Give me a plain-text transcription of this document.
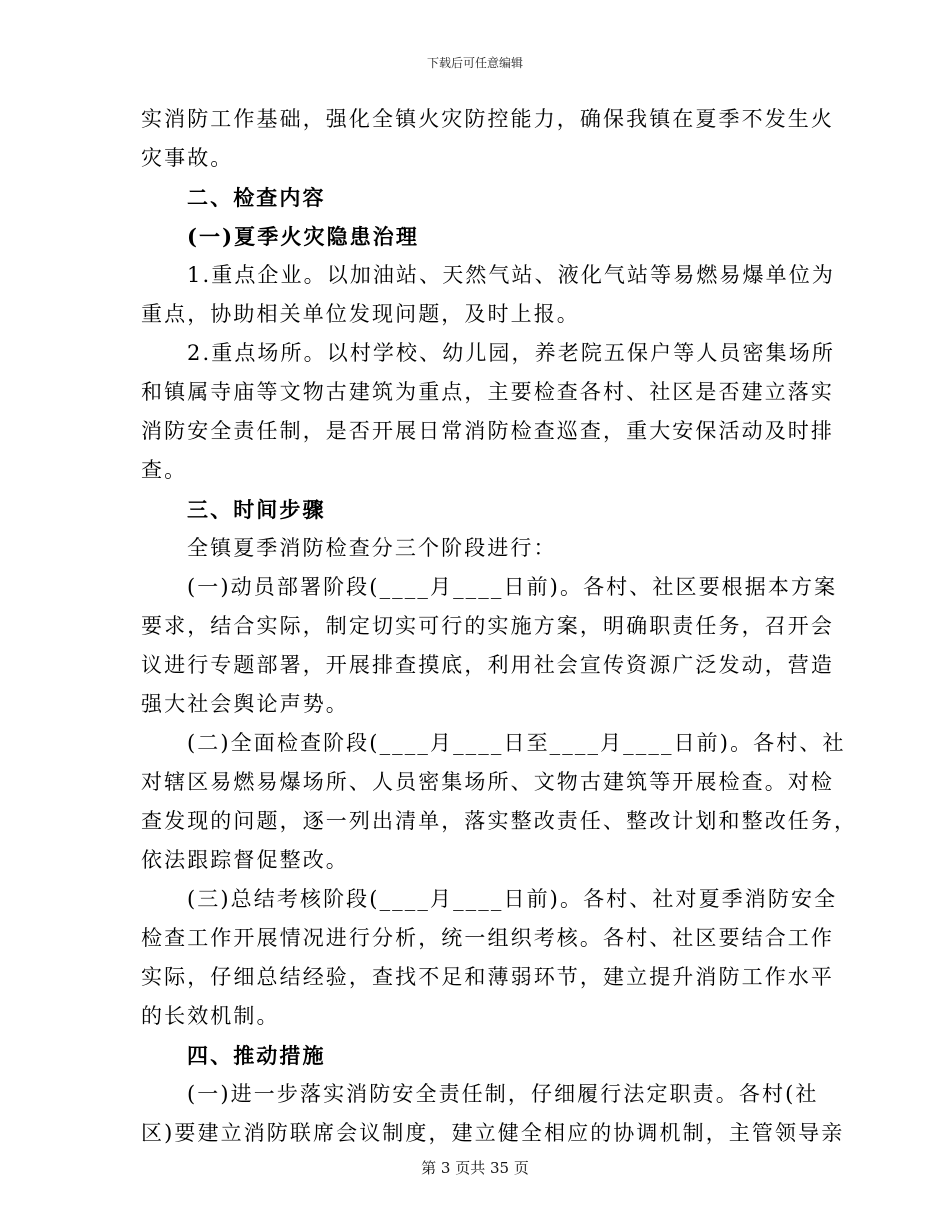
下载后可任意编辑
实消防工作基础，强化全镇火灾防控能力，确保我镇在夏季不发生火
灾事故。
二、检查内容
(一)夏季火灾隐患治理
1.重点企业。以加油站、天然气站、液化气站等易燃易爆单位为
重点，协助相关单位发现问题，及时上报。
2.重点场所。以村学校、幼儿园，养老院五保户等人员密集场所
和镇属寺庙等文物古建筑为重点，主要检查各村、社区是否建立落实
消防安全责任制，是否开展日常消防检查巡查，重大安保活动及时排
查。
三、时间步骤
全镇夏季消防检查分三个阶段进行：
(一)动员部署阶段(____月____日前)。各村、社区要根据本方案
要求，结合实际，制定切实可行的实施方案，明确职责任务，召开会
议进行专题部署，开展排查摸底，利用社会宣传资源广泛发动，营造
强大社会舆论声势。
(二)全面检查阶段(____月____日至____月____日前)。各村、社
对辖区易燃易爆场所、人员密集场所、文物古建筑等开展检查。对检
查发现的问题，逐一列出清单，落实整改责任、整改计划和整改任务，
依法跟踪督促整改。
(三)总结考核阶段(____月____日前)。各村、社对夏季消防安全
检查工作开展情况进行分析，统一组织考核。各村、社区要结合工作
实际，仔细总结经验，查找不足和薄弱环节，建立提升消防工作水平
的长效机制。
四、推动措施
(一)进一步落实消防安全责任制，仔细履行法定职责。各村(社
区)要建立消防联席会议制度，建立健全相应的协调机制，主管领导亲
第 3 页共 35 页
